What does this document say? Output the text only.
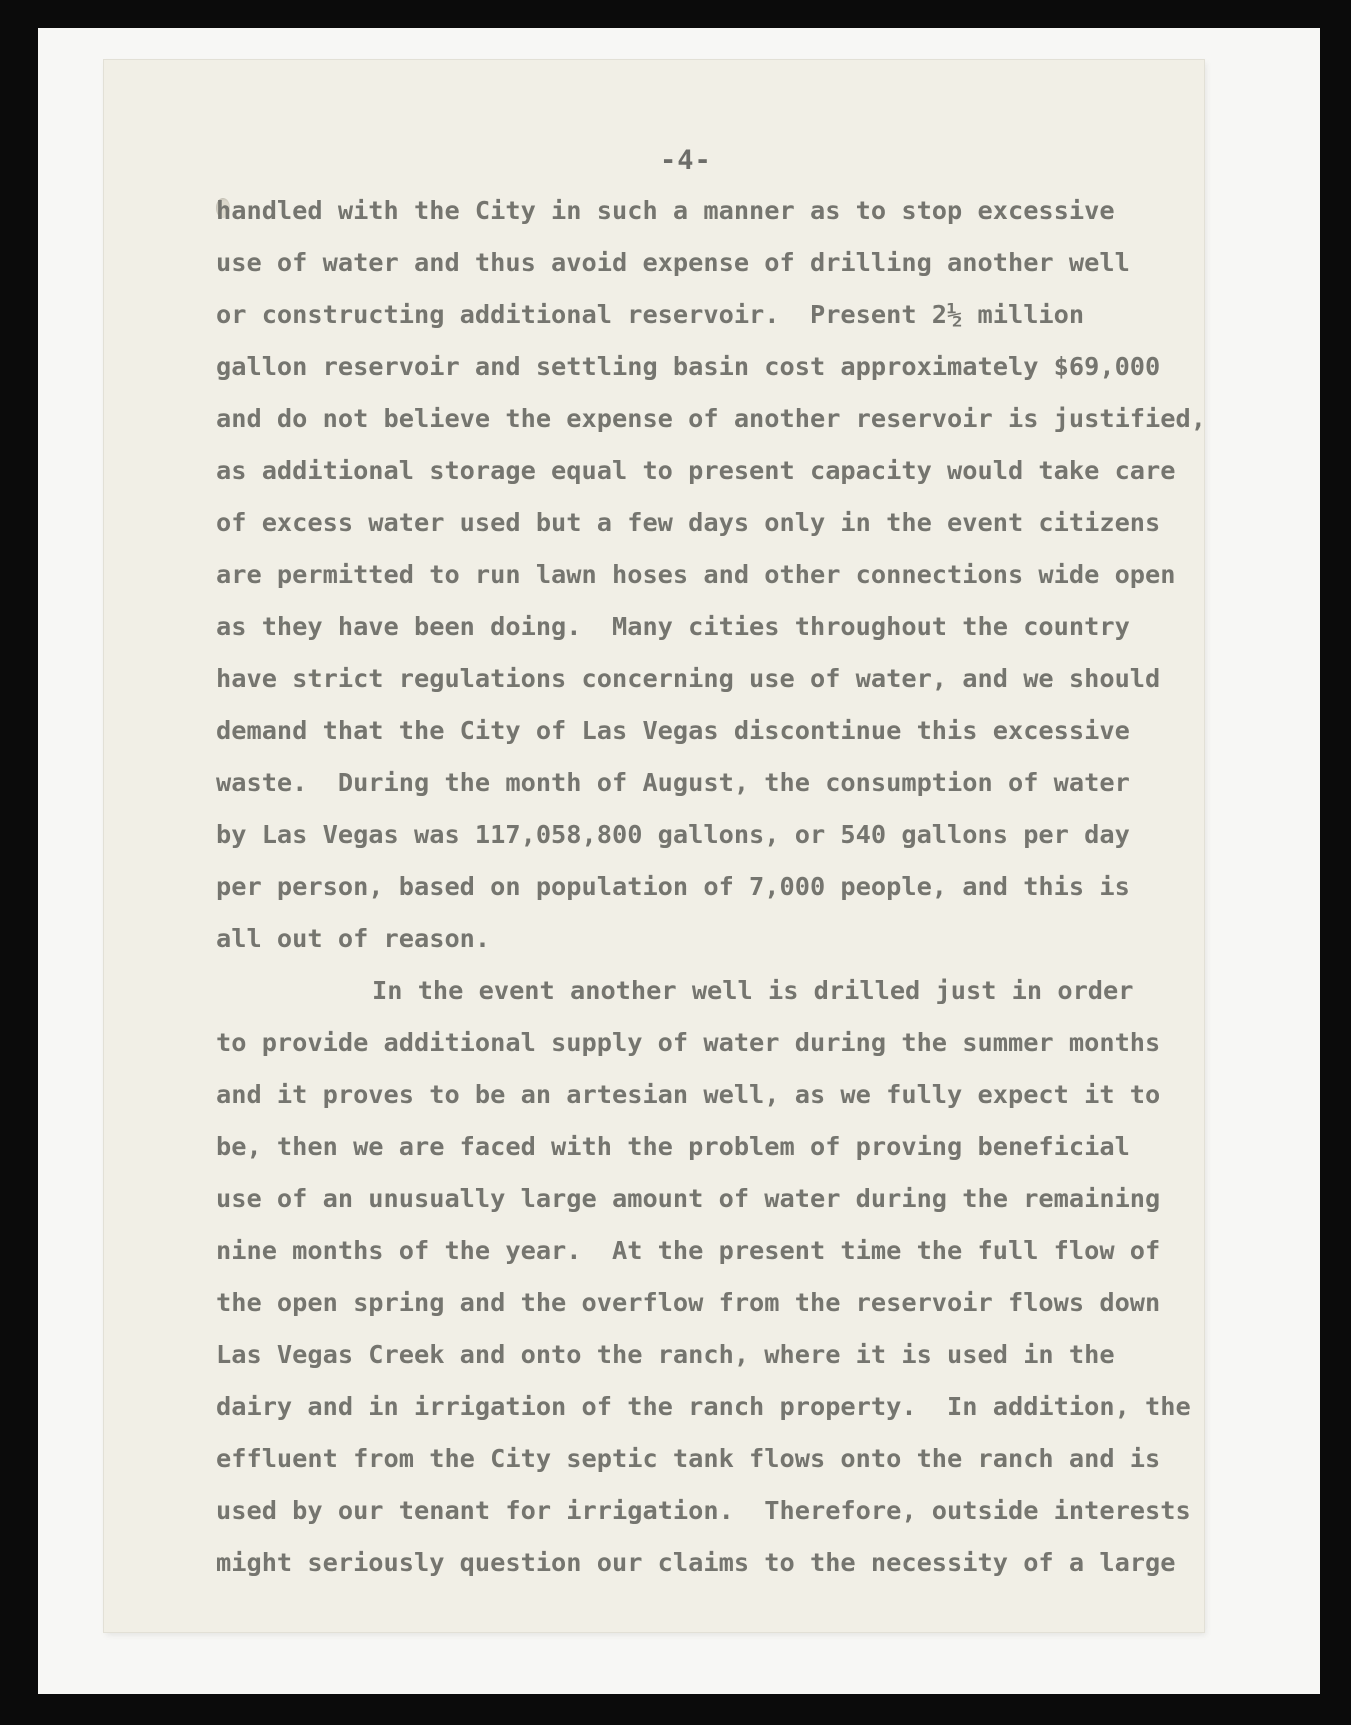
-4-
handled with the City in such a manner as to stop excessive
use of water and thus avoid expense of drilling another well
or constructing additional reservoir.  Present 2½ million
gallon reservoir and settling basin cost approximately $69,000
and do not believe the expense of another reservoir is justified,
as additional storage equal to present capacity would take care
of excess water used but a few days only in the event citizens
are permitted to run lawn hoses and other connections wide open
as they have been doing.  Many cities throughout the country
have strict regulations concerning use of water, and we should
demand that the City of Las Vegas discontinue this excessive
waste.  During the month of August, the consumption of water
by Las Vegas was 117,058,800 gallons, or 540 gallons per day
per person, based on population of 7,000 people, and this is
all out of reason.
In the event another well is drilled just in order
to provide additional supply of water during the summer months
and it proves to be an artesian well, as we fully expect it to
be, then we are faced with the problem of proving beneficial
use of an unusually large amount of water during the remaining
nine months of the year.  At the present time the full flow of
the open spring and the overflow from the reservoir flows down
Las Vegas Creek and onto the ranch, where it is used in the
dairy and in irrigation of the ranch property.  In addition, the
effluent from the City septic tank flows onto the ranch and is
used by our tenant for irrigation.  Therefore, outside interests
might seriously question our claims to the necessity of a large
